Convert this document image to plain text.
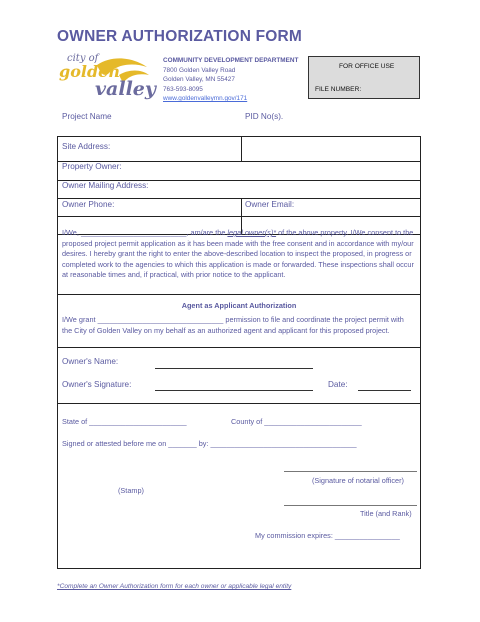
OWNER AUTHORIZATION FORM
city of
golden
valley
COMMUNITY DEVELOPMENT DEPARTMENT
7800 Golden Valley Road
Golden Valley, MN 55427
763-593-8095
www.goldenvalleymn.gov/171
FOR OFFICE USE
FILE NUMBER:
Project Name	PID No(s).
Site Address:
Property Owner:
Owner Mailing Address:
Owner Phone:	Owner Email:
I/We, __________________________, am/are the legal owner(s)* of the above property. I/We consent to the proposed project permit application as it has been made with the free consent and in accordance with my/our desires. I hereby grant the right to enter the above-described location to inspect the proposed, in progress or completed work to the agencies to which this application is made or forwarded. These inspections shall occur at reasonable times and, if practical, with prior notice to the applicant.
Agent as Applicant Authorization
I/We grant _______________________________ permission to file and coordinate the project permit with the City of Golden Valley on my behalf as an authorized agent and applicant for this proposed project.
Owner's Name:
Owner's Signature:	Date:
State of ________________________	County of ________________________
Signed or attested before me on _______ by: ____________________________________
(Signature of notarial officer)
(Stamp)
Title (and Rank)
My commission expires: ________________
*Complete an Owner Authorization form for each owner or applicable legal entity
